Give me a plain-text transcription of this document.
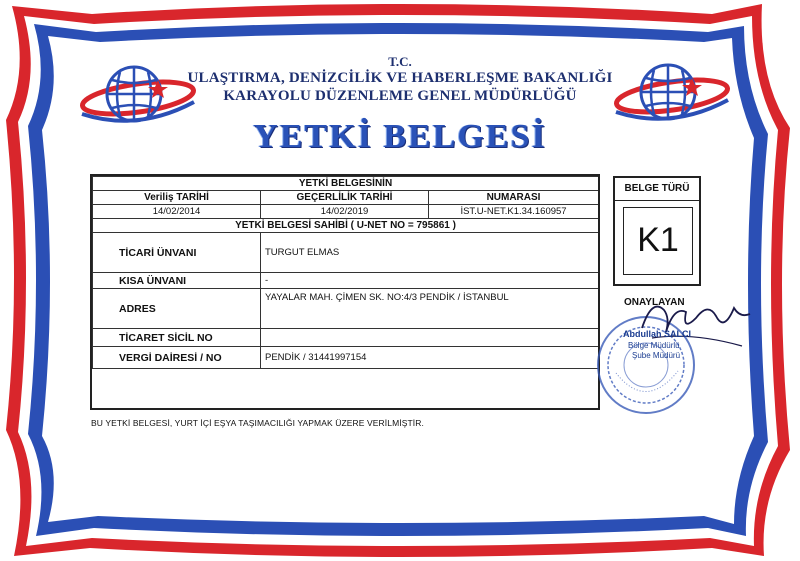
T.C.
ULAŞTIRMA, DENİZCİLİK VE HABERLEŞME BAKANLIĞI
KARAYOLU DÜZENLEME GENEL MÜDÜRLÜĞÜ
YETKİ BELGESİ
YETKİ BELGESİNİN		
Veriliş TARİHİ	GEÇERLİLİK TARİHİ	NUMARASI
14/02/2014	14/02/2019	İST.U-NET.K1.34.160957
YETKİ BELGESİ SAHİBİ ( U-NET NO = 795861 )		
TİCARİ ÜNVANI	TURGUT ELMAS	
KISA ÜNVANI	-	
ADRES	YAYALAR MAH. ÇİMEN SK. NO:4/3 PENDİK / İSTANBUL	
TİCARET SİCİL NO		
VERGİ DAİRESİ / NO	PENDİK / 31441997154	
BELGE TÜRÜ
K1
ONAYLAYAN
Abdullah SALCI
Bölge Müdürlü
Şube Müdürü
BU YETKİ BELGESİ, YURT İÇİ EŞYA TAŞIMACILIĞI YAPMAK ÜZERE VERİLMİŞTİR.
